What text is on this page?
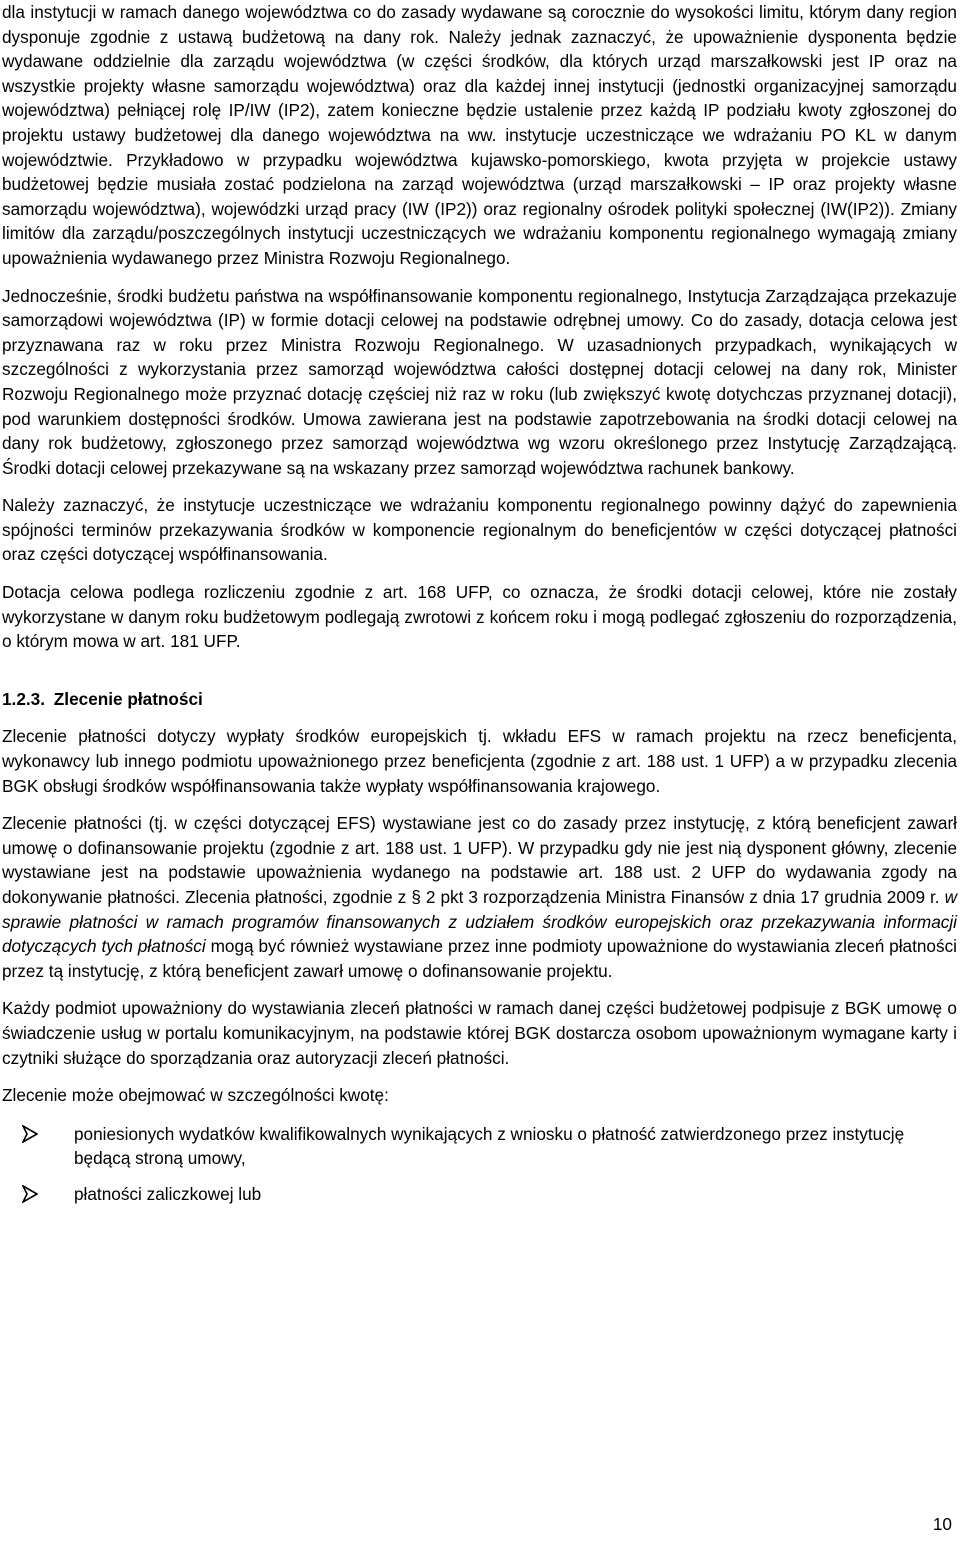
dla instytucji w ramach danego województwa co do zasady wydawane są corocznie do wysokości limitu, którym dany region dysponuje zgodnie z ustawą budżetową na dany rok. Należy jednak zaznaczyć, że upoważnienie dysponenta będzie wydawane oddzielnie dla zarządu województwa (w części środków, dla których urząd marszałkowski jest IP oraz na wszystkie projekty własne samorządu województwa) oraz dla każdej innej instytucji (jednostki organizacyjnej samorządu województwa) pełniącej rolę IP/IW (IP2), zatem konieczne będzie ustalenie przez każdą IP podziału kwoty zgłoszonej do projektu ustawy budżetowej dla danego województwa na ww. instytucje uczestniczące we wdrażaniu PO KL w danym województwie. Przykładowo w przypadku województwa kujawsko-pomorskiego, kwota przyjęta w projekcie ustawy budżetowej będzie musiała zostać podzielona na zarząd województwa (urząd marszałkowski – IP oraz projekty własne samorządu województwa), wojewódzki urząd pracy (IW (IP2)) oraz regionalny ośrodek polityki społecznej (IW(IP2)). Zmiany limitów dla zarządu/poszczególnych instytucji uczestniczących we wdrażaniu komponentu regionalnego wymagają zmiany upoważnienia wydawanego przez Ministra Rozwoju Regionalnego.

Jednocześnie, środki budżetu państwa na współfinansowanie komponentu regionalnego, Instytucja Zarządzająca przekazuje samorządowi województwa (IP) w formie dotacji celowej na podstawie odrębnej umowy. Co do zasady, dotacja celowa jest przyznawana raz w roku przez Ministra Rozwoju Regionalnego. W uzasadnionych przypadkach, wynikających w szczególności z wykorzystania przez samorząd województwa całości dostępnej dotacji celowej na dany rok, Minister Rozwoju Regionalnego może przyznać dotację częściej niż raz w roku (lub zwiększyć kwotę dotychczas przyznanej dotacji), pod warunkiem dostępności środków. Umowa zawierana jest na podstawie zapotrzebowania na środki dotacji celowej na dany rok budżetowy, zgłoszonego przez samorząd województwa wg wzoru określonego przez Instytucję Zarządzającą. Środki dotacji celowej przekazywane są na wskazany przez samorząd województwa rachunek bankowy.

Należy zaznaczyć, że instytucje uczestniczące we wdrażaniu komponentu regionalnego powinny dążyć do zapewnienia spójności terminów przekazywania środków w komponencie regionalnym do beneficjentów w części dotyczącej płatności oraz części dotyczącej współfinansowania.

Dotacja celowa podlega rozliczeniu zgodnie z art. 168 UFP, co oznacza, że środki dotacji celowej, które nie zostały wykorzystane w danym roku budżetowym podlegają zwrotowi z końcem roku i mogą podlegać zgłoszeniu do rozporządzenia, o którym mowa w art. 181 UFP.

1.2.3. Zlecenie płatności

Zlecenie płatności dotyczy wypłaty środków europejskich tj. wkładu EFS w ramach projektu na rzecz beneficjenta, wykonawcy lub innego podmiotu upoważnionego przez beneficjenta (zgodnie z art. 188 ust. 1 UFP) a w przypadku zlecenia BGK obsługi środków współfinansowania także wypłaty współfinansowania krajowego.

Zlecenie płatności (tj. w części dotyczącej EFS) wystawiane jest co do zasady przez instytucję, z którą beneficjent zawarł umowę o dofinansowanie projektu (zgodnie z art. 188 ust. 1 UFP). W przypadku gdy nie jest nią dysponent główny, zlecenie wystawiane jest na podstawie upoważnienia wydanego na podstawie art. 188 ust. 2 UFP do wydawania zgody na dokonywanie płatności. Zlecenia płatności, zgodnie z § 2 pkt 3 rozporządzenia Ministra Finansów z dnia 17 grudnia 2009 r. w sprawie płatności w ramach programów finansowanych z udziałem środków europejskich oraz przekazywania informacji dotyczących tych płatności mogą być również wystawiane przez inne podmioty upoważnione do wystawiania zleceń płatności przez tą instytucję, z którą beneficjent zawarł umowę o dofinansowanie projektu.

Każdy podmiot upoważniony do wystawiania zleceń płatności w ramach danej części budżetowej podpisuje z BGK umowę o świadczenie usług w portalu komunikacyjnym, na podstawie której BGK dostarcza osobom upoważnionym wymagane karty i czytniki służące do sporządzania oraz autoryzacji zleceń płatności.

Zlecenie może obejmować w szczególności kwotę:

poniesionych wydatków kwalifikowalnych wynikających z wniosku o płatność zatwierdzonego przez instytucję będącą stroną umowy,
płatności zaliczkowej lub
10
